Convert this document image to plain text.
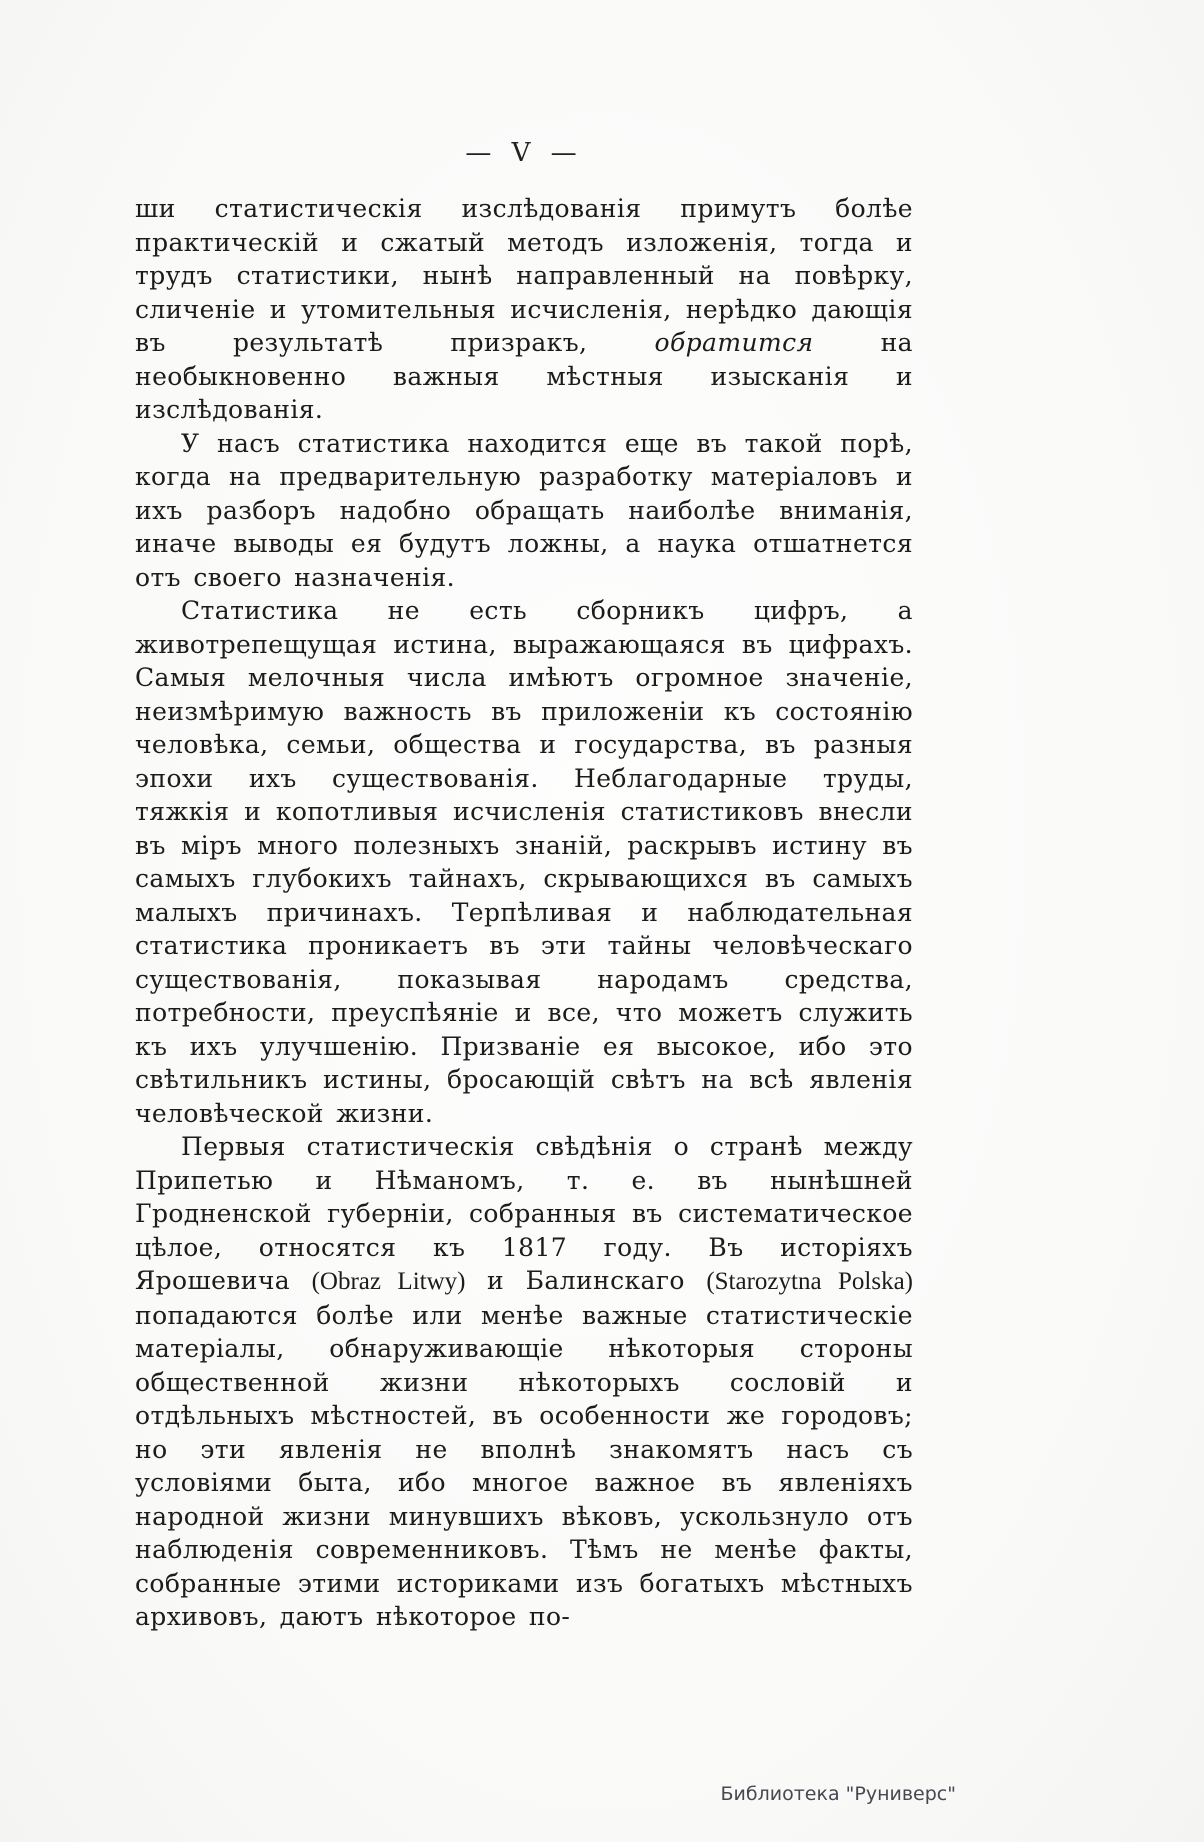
— V —

ши статистическія изслѣдованія примутъ болѣе практическій и сжатый методъ изложенія, тогда и трудъ статистики, нынѣ направленный на повѣрку, сличеніе и утомительныя исчисленія, нерѣдко дающія въ результатѣ призракъ, обратится на необыкновенно важныя мѣстныя изысканія и изслѣдованія.

У насъ статистика находится еще въ такой порѣ, когда на предварительную разработку матеріаловъ и ихъ разборъ надобно обращать наиболѣе вниманія, иначе выводы ея будутъ ложны, а наука отшатнется отъ своего назначенія.

Статистика не есть сборникъ цифръ, а животрепещущая истина, выражающаяся въ цифрахъ. Самыя мелочныя числа имѣютъ огромное значеніе, неизмѣримую важность въ приложеніи къ состоянію человѣка, семьи, общества и государства, въ разныя эпохи ихъ существованія. Неблагодарные труды, тяжкія и копотливыя исчисленія статистиковъ внесли въ міръ много полезныхъ знаній, раскрывъ истину въ самыхъ глубокихъ тайнахъ, скрывающихся въ самыхъ малыхъ причинахъ. Терпѣливая и наблюдательная статистика проникаетъ въ эти тайны человѣческаго существованія, показывая народамъ средства, потребности, преуспѣяніе и все, что можетъ служить къ ихъ улучшенію. Призваніе ея высокое, ибо это свѣтильникъ истины, бросающій свѣтъ на всѣ явленія человѣческой жизни.

Первыя статистическія свѣдѣнія о странѣ между Припетью и Нѣманомъ, т. е. въ нынѣшней Гродненской губерніи, собранныя въ систематическое цѣлое, относятся къ 1817 году. Въ исторіяхъ Ярошевича (Obraz Litwy) и Балинскаго (Starozytna Polska) попадаются болѣе или менѣе важные статистическіе матеріалы, обнаруживающіе нѣкоторыя стороны общественной жизни нѣкоторыхъ сословій и отдѣльныхъ мѣстностей, въ особенности же городовъ; но эти явленія не вполнѣ знакомятъ насъ съ условіями быта, ибо многое важное въ явленіяхъ народной жизни минувшихъ вѣковъ, ускользнуло отъ наблюденія современниковъ. Тѣмъ не менѣе факты, собранные этими историками изъ богатыхъ мѣстныхъ архивовъ, даютъ нѣкоторое по-

Библиотека "Руниверс"
